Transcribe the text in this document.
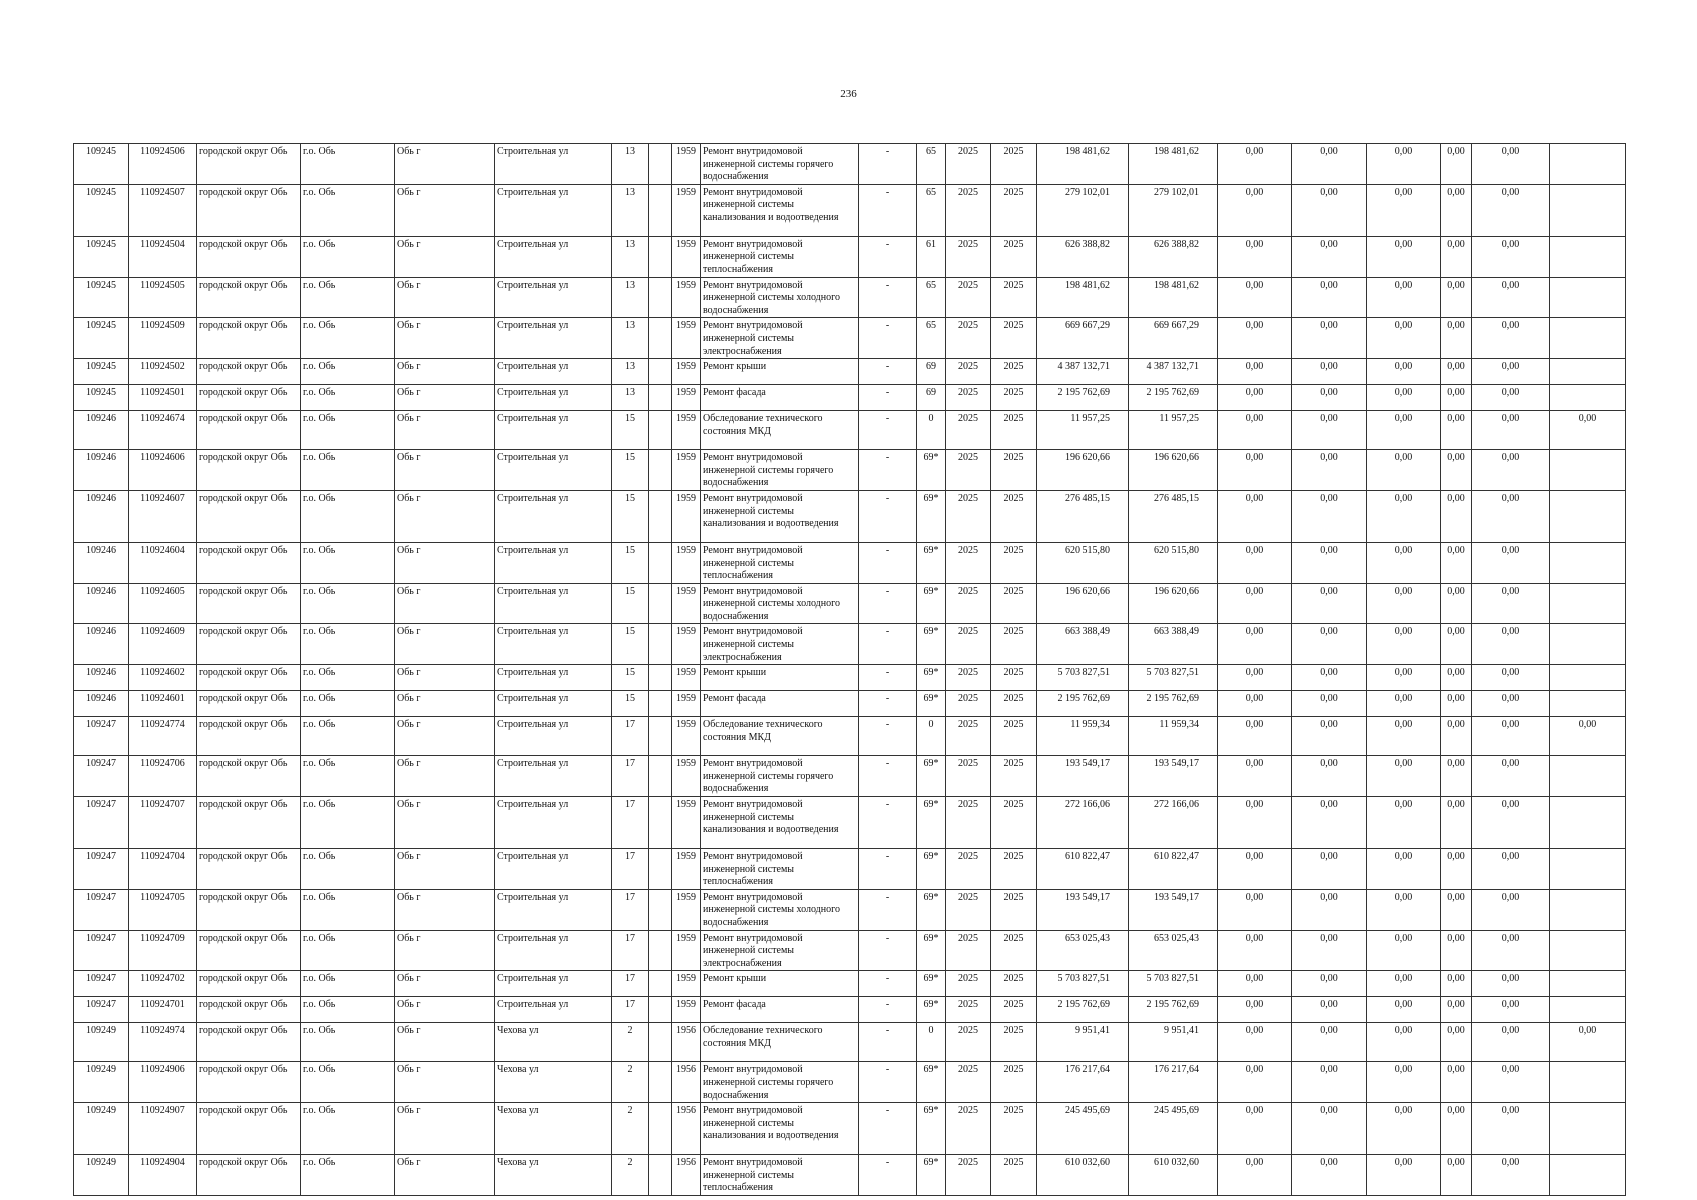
236
109245	110924506	городской округ Обь	г.о. Обь	Обь г	Строительная ул	13		1959	Ремонт внутридомовой инженерной системы горячего водоснабжения	-	65	2025	2025	198 481,62	198 481,62	0,00	0,00	0,00	0,00	0,00	
109245	110924507	городской округ Обь	г.о. Обь	Обь г	Строительная ул	13		1959	Ремонт внутридомовой инженерной системы канализования и водоотведения	-	65	2025	2025	279 102,01	279 102,01	0,00	0,00	0,00	0,00	0,00	
109245	110924504	городской округ Обь	г.о. Обь	Обь г	Строительная ул	13		1959	Ремонт внутридомовой инженерной системы теплоснабжения	-	61	2025	2025	626 388,82	626 388,82	0,00	0,00	0,00	0,00	0,00	
109245	110924505	городской округ Обь	г.о. Обь	Обь г	Строительная ул	13		1959	Ремонт внутридомовой инженерной системы холодного водоснабжения	-	65	2025	2025	198 481,62	198 481,62	0,00	0,00	0,00	0,00	0,00	
109245	110924509	городской округ Обь	г.о. Обь	Обь г	Строительная ул	13		1959	Ремонт внутридомовой инженерной системы электроснабжения	-	65	2025	2025	669 667,29	669 667,29	0,00	0,00	0,00	0,00	0,00	
109245	110924502	городской округ Обь	г.о. Обь	Обь г	Строительная ул	13		1959	Ремонт крыши	-	69	2025	2025	4 387 132,71	4 387 132,71	0,00	0,00	0,00	0,00	0,00	
109245	110924501	городской округ Обь	г.о. Обь	Обь г	Строительная ул	13		1959	Ремонт фасада	-	69	2025	2025	2 195 762,69	2 195 762,69	0,00	0,00	0,00	0,00	0,00	
109246	110924674	городской округ Обь	г.о. Обь	Обь г	Строительная ул	15		1959	Обследование технического состояния МКД	-	0	2025	2025	11 957,25	11 957,25	0,00	0,00	0,00	0,00	0,00	0,00
109246	110924606	городской округ Обь	г.о. Обь	Обь г	Строительная ул	15		1959	Ремонт внутридомовой инженерной системы горячего водоснабжения	-	69*	2025	2025	196 620,66	196 620,66	0,00	0,00	0,00	0,00	0,00	
109246	110924607	городской округ Обь	г.о. Обь	Обь г	Строительная ул	15		1959	Ремонт внутридомовой инженерной системы канализования и водоотведения	-	69*	2025	2025	276 485,15	276 485,15	0,00	0,00	0,00	0,00	0,00	
109246	110924604	городской округ Обь	г.о. Обь	Обь г	Строительная ул	15		1959	Ремонт внутридомовой инженерной системы теплоснабжения	-	69*	2025	2025	620 515,80	620 515,80	0,00	0,00	0,00	0,00	0,00	
109246	110924605	городской округ Обь	г.о. Обь	Обь г	Строительная ул	15		1959	Ремонт внутридомовой инженерной системы холодного водоснабжения	-	69*	2025	2025	196 620,66	196 620,66	0,00	0,00	0,00	0,00	0,00	
109246	110924609	городской округ Обь	г.о. Обь	Обь г	Строительная ул	15		1959	Ремонт внутридомовой инженерной системы электроснабжения	-	69*	2025	2025	663 388,49	663 388,49	0,00	0,00	0,00	0,00	0,00	
109246	110924602	городской округ Обь	г.о. Обь	Обь г	Строительная ул	15		1959	Ремонт крыши	-	69*	2025	2025	5 703 827,51	5 703 827,51	0,00	0,00	0,00	0,00	0,00	
109246	110924601	городской округ Обь	г.о. Обь	Обь г	Строительная ул	15		1959	Ремонт фасада	-	69*	2025	2025	2 195 762,69	2 195 762,69	0,00	0,00	0,00	0,00	0,00	
109247	110924774	городской округ Обь	г.о. Обь	Обь г	Строительная ул	17		1959	Обследование технического состояния МКД	-	0	2025	2025	11 959,34	11 959,34	0,00	0,00	0,00	0,00	0,00	0,00
109247	110924706	городской округ Обь	г.о. Обь	Обь г	Строительная ул	17		1959	Ремонт внутридомовой инженерной системы горячего водоснабжения	-	69*	2025	2025	193 549,17	193 549,17	0,00	0,00	0,00	0,00	0,00	
109247	110924707	городской округ Обь	г.о. Обь	Обь г	Строительная ул	17		1959	Ремонт внутридомовой инженерной системы канализования и водоотведения	-	69*	2025	2025	272 166,06	272 166,06	0,00	0,00	0,00	0,00	0,00	
109247	110924704	городской округ Обь	г.о. Обь	Обь г	Строительная ул	17		1959	Ремонт внутридомовой инженерной системы теплоснабжения	-	69*	2025	2025	610 822,47	610 822,47	0,00	0,00	0,00	0,00	0,00	
109247	110924705	городской округ Обь	г.о. Обь	Обь г	Строительная ул	17		1959	Ремонт внутридомовой инженерной системы холодного водоснабжения	-	69*	2025	2025	193 549,17	193 549,17	0,00	0,00	0,00	0,00	0,00	
109247	110924709	городской округ Обь	г.о. Обь	Обь г	Строительная ул	17		1959	Ремонт внутридомовой инженерной системы электроснабжения	-	69*	2025	2025	653 025,43	653 025,43	0,00	0,00	0,00	0,00	0,00	
109247	110924702	городской округ Обь	г.о. Обь	Обь г	Строительная ул	17		1959	Ремонт крыши	-	69*	2025	2025	5 703 827,51	5 703 827,51	0,00	0,00	0,00	0,00	0,00	
109247	110924701	городской округ Обь	г.о. Обь	Обь г	Строительная ул	17		1959	Ремонт фасада	-	69*	2025	2025	2 195 762,69	2 195 762,69	0,00	0,00	0,00	0,00	0,00	
109249	110924974	городской округ Обь	г.о. Обь	Обь г	Чехова ул	2		1956	Обследование технического состояния МКД	-	0	2025	2025	9 951,41	9 951,41	0,00	0,00	0,00	0,00	0,00	0,00
109249	110924906	городской округ Обь	г.о. Обь	Обь г	Чехова ул	2		1956	Ремонт внутридомовой инженерной системы горячего водоснабжения	-	69*	2025	2025	176 217,64	176 217,64	0,00	0,00	0,00	0,00	0,00	
109249	110924907	городской округ Обь	г.о. Обь	Обь г	Чехова ул	2		1956	Ремонт внутридомовой инженерной системы канализования и водоотведения	-	69*	2025	2025	245 495,69	245 495,69	0,00	0,00	0,00	0,00	0,00	
109249	110924904	городской округ Обь	г.о. Обь	Обь г	Чехова ул	2		1956	Ремонт внутридомовой инженерной системы теплоснабжения	-	69*	2025	2025	610 032,60	610 032,60	0,00	0,00	0,00	0,00	0,00	
